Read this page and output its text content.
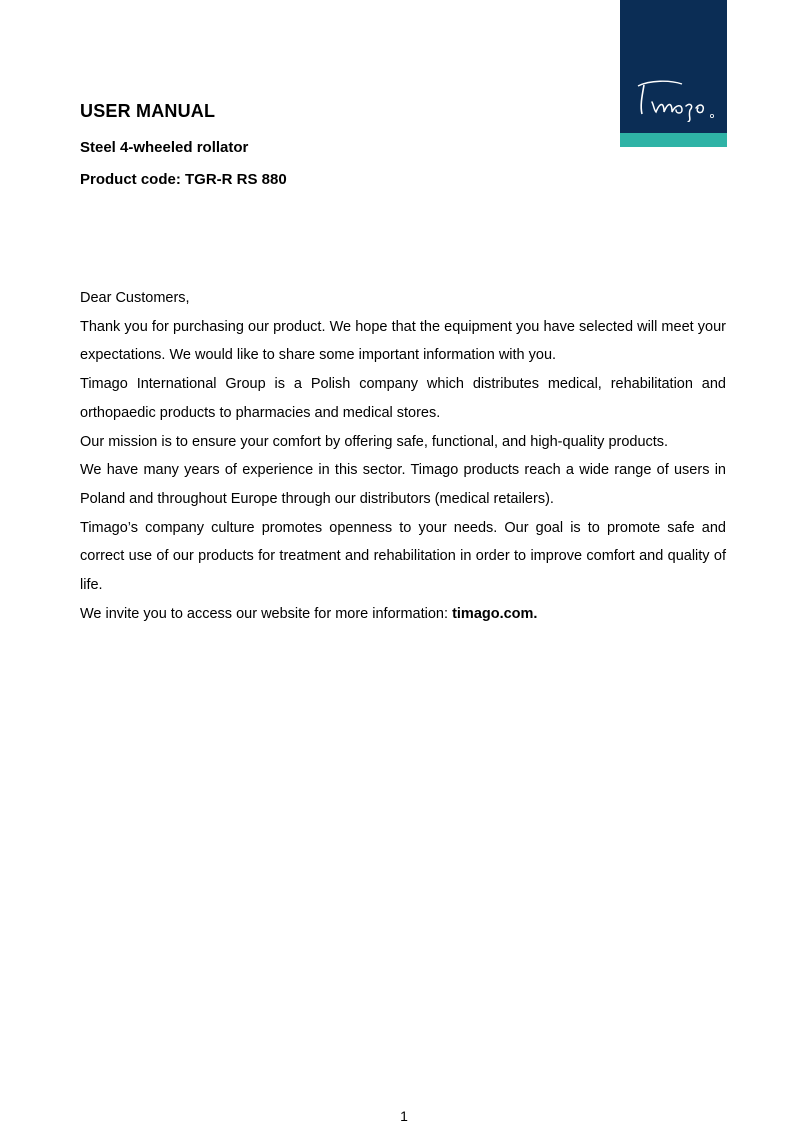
USER MANUAL

Steel 4-wheeled rollator

Product code: TGR-R RS 880

Dear Customers,

Thank you for purchasing our product. We hope that the equipment you have selected will meet your expectations. We would like to share some important information with you.

Timago International Group is a Polish company which distributes medical, rehabilitation and orthopaedic products to pharmacies and medical stores.

Our mission is to ensure your comfort by offering safe, functional, and high-quality products.

We have many years of experience in this sector. Timago products reach a wide range of users in Poland and throughout Europe through our distributors (medical retailers).

Timago’s company culture promotes openness to your needs. Our goal is to promote safe and correct use of our products for treatment and rehabilitation in order to improve comfort and quality of life.

We invite you to access our website for more information: timago.com.

1
